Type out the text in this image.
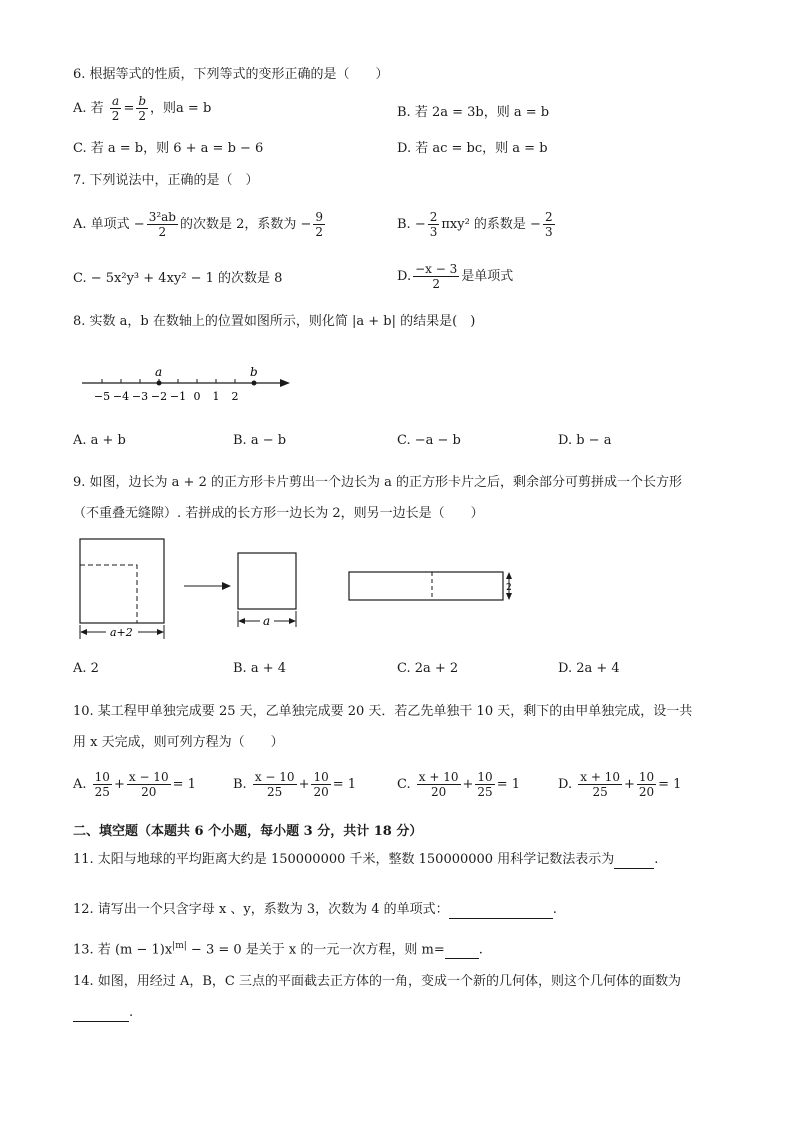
6. 根据等式的性质，下列等式的变形正确的是（　　）
A. 若 $\frac{a}{2} = \frac{b}{2}$ ，则a = b	B. 若 2a = 3b，则 a = b
C. 若 a = b，则 6 + a = b − 6	D. 若 ac = bc，则 a = b
7. 下列说法中，正确的是（　）
A. 单项式 − $\frac{\text{3²ab}}{2}$ 的次数是 2，系数为 − $\frac{9}{2}$	B. − $\frac{2}{3} \pi xy^2$ 的系数是 − $\frac{2}{3}$
C. − 5x²y³ + 4xy² − 1 的次数是 8	D. $\frac{-x - 3}{2}$ 是单项式
8. 实数 a，b 在数轴上的位置如图所示，则化简 |a + b| 的结果是(　)
−5 −4 −3 −2 −1 0 1 2
a	b
A. a + b	B. a − b	C. −a − b	D. b − a
9. 如图，边长为 a + 2 的正方形卡片剪出一个边长为 a 的正方形卡片之后，剩余部分可剪拼成一个长方形
（不重叠无缝隙）. 若拼成的长方形一边长为 2，则另一边长是（　　）
a+2
a
2
A. 2	B. a + 4	C. 2a + 2	D. 2a + 4
10. 某工程甲单独完成要 25 天，乙单独完成要 20 天．若乙先单独干 10 天，剩下的由甲单独完成，设一共
用 x 天完成，则可列方程为（　　）
A. $\frac{10}{25} + \frac{x - 10}{20} = 1$	B. $\frac{x - 10}{25} + \frac{10}{20} = 1$	C. $\frac{x + 10}{20} + \frac{10}{25} = 1$	D. $\frac{x + 10}{25} + \frac{10}{20} = 1$
二、填空题（本题共 6 个小题，每小题 3 分，共计 18 分）
11. 太阳与地球的平均距离大约是 150000000 千米，整数 150000000 用科学记数法表示为	.
12. 请写出一个只含字母 x 、y，系数为 3，次数为 4 的单项式：	.
13. 若 $(m - 1)x^{|m|} - 3 = 0$ 是关于 x 的一元一次方程，则 m=	.
14. 如图，用经过 A，B，C 三点的平面截去正方体的一角，变成一个新的几何体，则这个几何体的面数为
.
